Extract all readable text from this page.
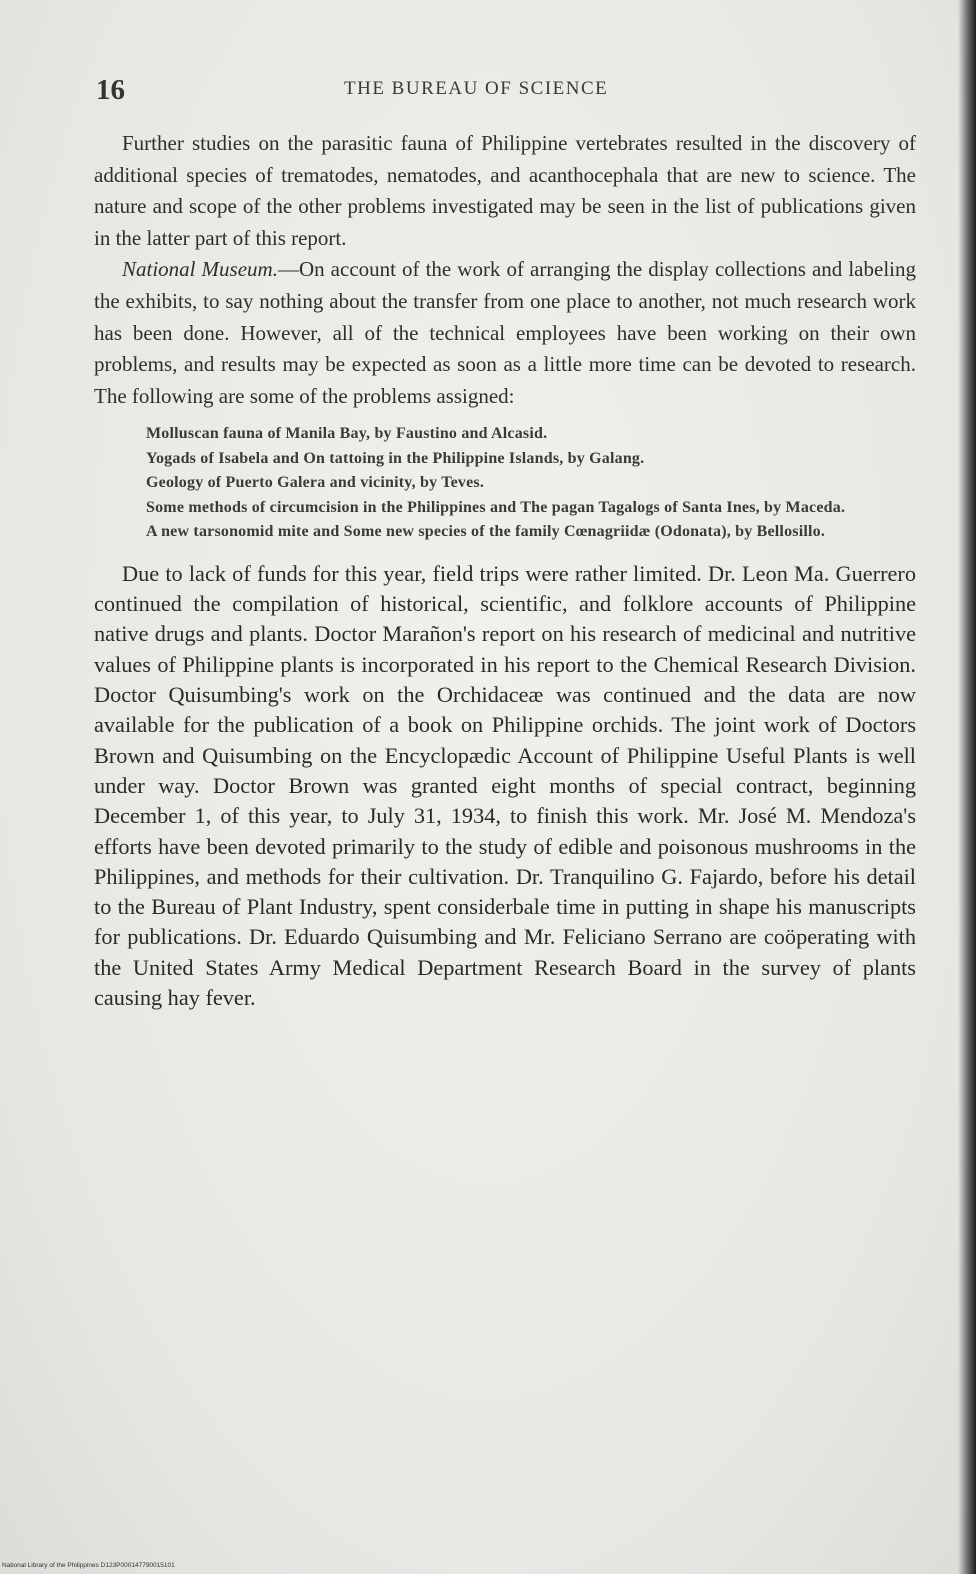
16	THE BUREAU OF SCIENCE

Further studies on the parasitic fauna of Philippine vertebrates resulted in the discovery of additional species of trematodes, nematodes, and acanthocephala that are new to science. The nature and scope of the other problems investigated may be seen in the list of publications given in the latter part of this report.

National Museum.—On account of the work of arranging the display collections and labeling the exhibits, to say nothing about the transfer from one place to another, not much research work has been done. However, all of the technical employees have been working on their own problems, and results may be expected as soon as a little more time can be devoted to research. The following are some of the problems assigned:

Molluscan fauna of Manila Bay, by Faustino and Alcasid.
Yogads of Isabela and On tattoing in the Philippine Islands, by Galang.
Geology of Puerto Galera and vicinity, by Teves.
Some methods of circumcision in the Philippines and The pagan Tagalogs of Santa Ines, by Maceda.
A new tarsonomid mite and Some new species of the family Cœnagriidæ (Odonata), by Bellosillo.

Due to lack of funds for this year, field trips were rather limited. Dr. Leon Ma. Guerrero continued the compilation of historical, scientific, and folklore accounts of Philippine native drugs and plants. Doctor Marañon's report on his research of medicinal and nutritive values of Philippine plants is incorporated in his report to the Chemical Research Division. Doctor Quisumbing's work on the Orchidaceæ was continued and the data are now available for the publication of a book on Philippine orchids. The joint work of Doctors Brown and Quisumbing on the Encyclopædic Account of Philippine Useful Plants is well under way. Doctor Brown was granted eight months of special contract, beginning December 1, of this year, to July 31, 1934, to finish this work. Mr. José M. Mendoza's efforts have been devoted primarily to the study of edible and poisonous mushrooms in the Philippines, and methods for their cultivation. Dr. Tranquilino G. Fajardo, before his detail to the Bureau of Plant Industry, spent considerbale time in putting in shape his manuscripts for publications. Dr. Eduardo Quisumbing and Mr. Feliciano Serrano are coöperating with the United States Army Medical Department Research Board in the survey of plants causing hay fever.

National Library of the Philippines D123P000147790015101
